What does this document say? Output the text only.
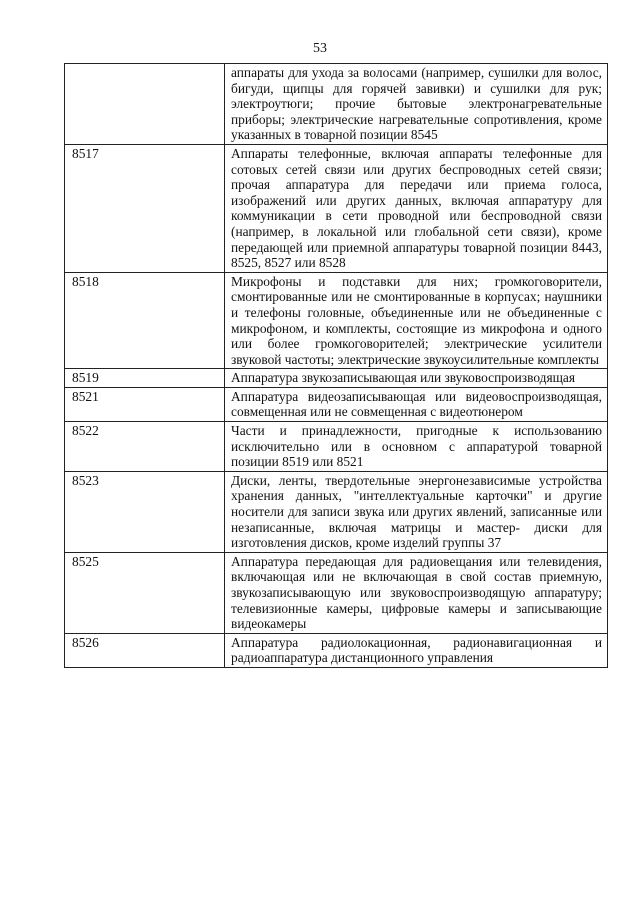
53
	аппараты для ухода за волосами (например, сушилки для волос, бигуди, щипцы для горячей завивки) и сушилки для рук; электроутюги; прочие бытовые электронагревательные приборы; электрические нагревательные сопротивления, кроме указанных в товарной позиции 8545
8517	Аппараты телефонные, включая аппараты телефонные для сотовых сетей связи или других беспроводных сетей связи; прочая аппаратура для передачи или приема голоса, изображений или других данных, включая аппаратуру для коммуникации в сети проводной или беспроводной связи (например, в локальной или глобальной сети связи), кроме передающей или приемной аппаратуры товарной позиции 8443, 8525, 8527 или 8528
8518	Микрофоны и подставки для них; громкоговорители, смонтированные или не смонтированные в корпусах; наушники и телефоны головные, объединенные или не объединенные с микрофоном, и комплекты, состоящие из микрофона и одного или более громкоговорителей; электрические усилители звуковой частоты; электрические звукоусилительные комплекты
8519	Аппаратура звукозаписывающая или звуковоспроизводящая
8521	Аппаратура видеозаписывающая или видеовоспроизводящая, совмещенная или не совмещенная с видеотюнером
8522	Части и принадлежности, пригодные к использованию исключительно или в основном с аппаратурой товарной позиции 8519 или 8521
8523	Диски, ленты, твердотельные энергонезависимые устройства хранения данных, "интеллектуальные карточки" и другие носители для записи звука или других явлений, записанные или незаписанные, включая матрицы и мастер- диски для изготовления дисков, кроме изделий группы 37
8525	Аппаратура передающая для радиовещания или телевидения, включающая или не включающая в свой состав приемную, звукозаписывающую или звуковоспроизводящую аппаратуру; телевизионные камеры, цифровые камеры и записывающие видеокамеры
8526	Аппаратура радиолокационная, радионавигационная и радиоаппаратура дистанционного управления
